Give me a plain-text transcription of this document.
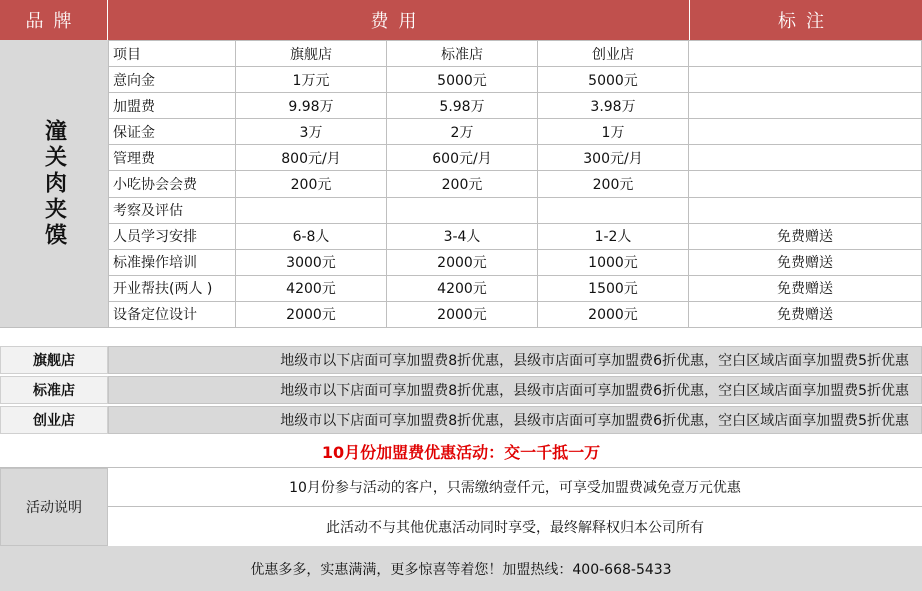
品牌	费用	标注
潼关肉夹馍
项目	旗舰店	标准店	创业店	
意向金	1万元	5000元	5000元	
加盟费	9.98万	5.98万	3.98万	
保证金	3万	2万	1万	
管理费	800元/月	600元/月	300元/月	
小吃协会会费	200元	200元	200元	
考察及评估				
人员学习安排	6-8人	3-4人	1-2人	免费赠送
标准操作培训	3000元	2000元	1000元	免费赠送
开业帮扶(两人 )	4200元	4200元	1500元	免费赠送
设备定位设计	2000元	2000元	2000元	免费赠送
旗舰店	地级市以下店面可享加盟费8折优惠，县级市店面可享加盟费6折优惠，空白区域店面享加盟费5折优惠
标准店	地级市以下店面可享加盟费8折优惠，县级市店面可享加盟费6折优惠，空白区域店面享加盟费5折优惠
创业店	地级市以下店面可享加盟费8折优惠，县级市店面可享加盟费6折优惠，空白区域店面享加盟费5折优惠
10月份加盟费优惠活动：交一千抵一万
活动说明
10月份参与活动的客户，只需缴纳壹仟元，可享受加盟费减免壹万元优惠
此活动不与其他优惠活动同时享受，最终解释权归本公司所有
优惠多多，实惠满满，更多惊喜等着您！加盟热线：400-668-5433
